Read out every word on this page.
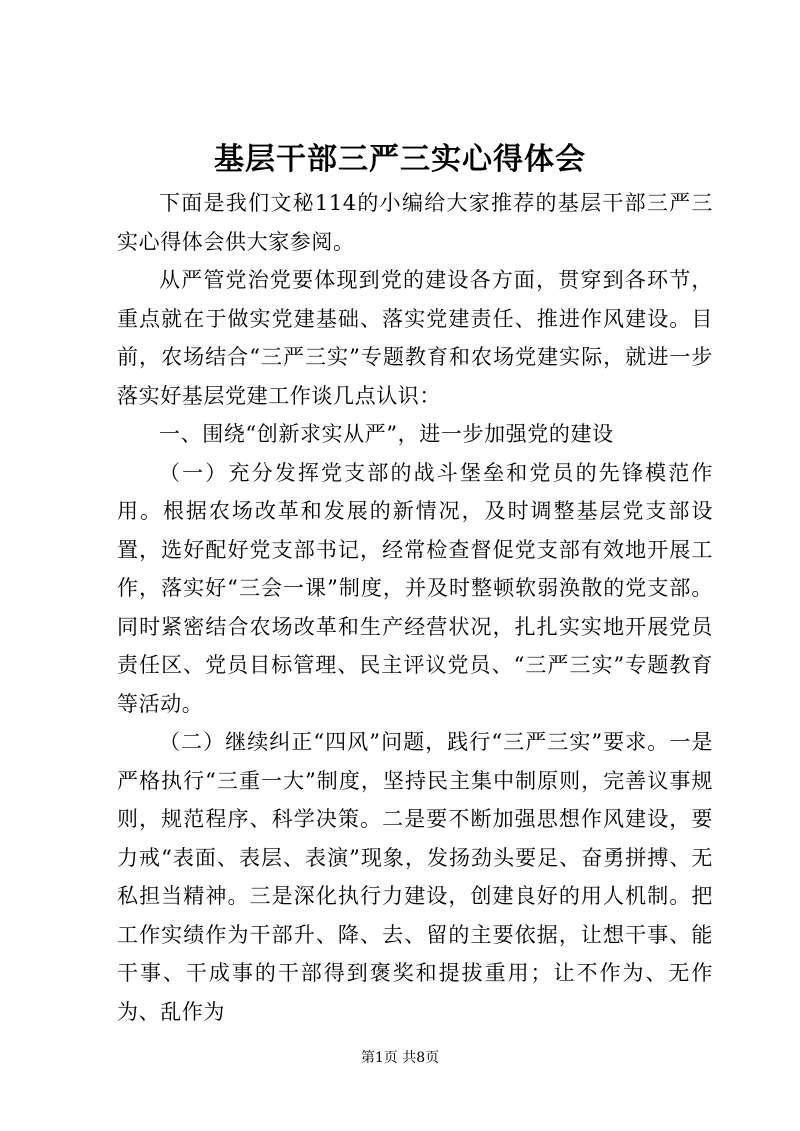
基层干部三严三实心得体会

下面是我们文秘114的小编给大家推荐的基层干部三严三实心得体会供大家参阅。

从严管党治党要体现到党的建设各方面，贯穿到各环节，重点就在于做实党建基础、落实党建责任、推进作风建设。目前，农场结合“三严三实”专题教育和农场党建实际，就进一步落实好基层党建工作谈几点认识：

一、围绕“创新求实从严”，进一步加强党的建设

（一）充分发挥党支部的战斗堡垒和党员的先锋模范作用。根据农场改革和发展的新情况，及时调整基层党支部设置，选好配好党支部书记，经常检查督促党支部有效地开展工作，落实好“三会一课”制度，并及时整顿软弱涣散的党支部。同时紧密结合农场改革和生产经营状况，扎扎实实地开展党员责任区、党员目标管理、民主评议党员、“三严三实”专题教育等活动。

（二）继续纠正“四风”问题，践行“三严三实”要求。一是严格执行“三重一大”制度，坚持民主集中制原则，完善议事规则，规范程序、科学决策。二是要不断加强思想作风建设，要力戒“表面、表层、表演”现象，发扬劲头要足、奋勇拼搏、无私担当精神。三是深化执行力建设，创建良好的用人机制。把工作实绩作为干部升、降、去、留的主要依据，让想干事、能干事、干成事的干部得到褒奖和提拔重用；让不作为、无作为、乱作为

第1页 共8页
